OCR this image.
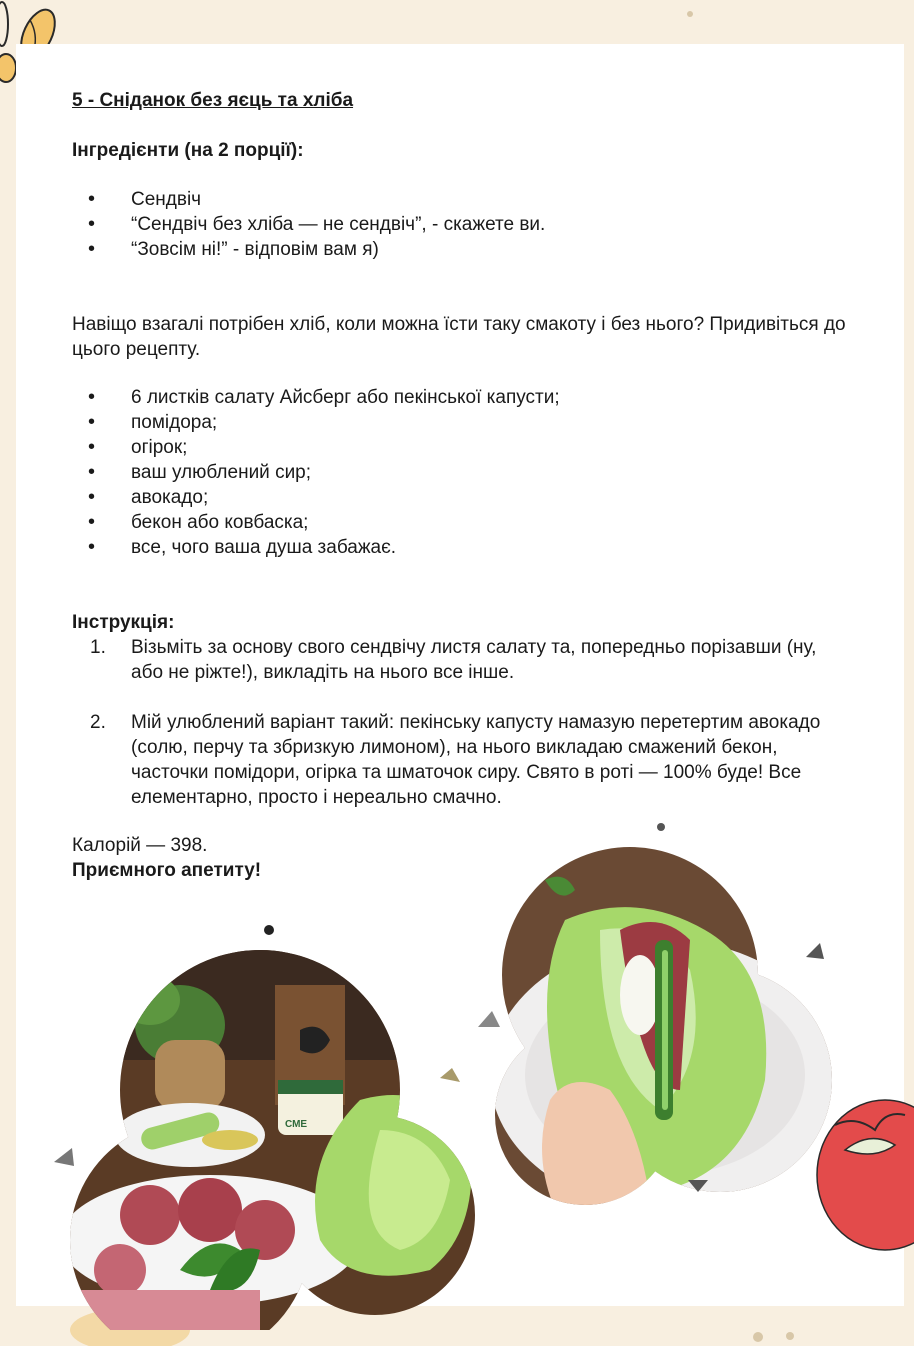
5 - Сніданок без яєць та хліба

Інгредієнти (на 2 порції):

• Сендвіч
• “Сендвіч без хліба — не сендвіч”, - скажете ви.
• “Зовсім ні!” - відповім вам я)

Навіщо взагалі потрібен хліб, коли можна їсти таку смакоту і без нього? Придивіться до цього рецепту.

• 6 листків салату Айсберг або пекінської капусти;
• помідора;
• огірок;
• ваш улюблений сир;
• авокадо;
• бекон або ковбаска;
• все, чого ваша душа забажає.

Інструкція:

1. Візьміть за основу свого сендвічу листя салату та, попередньо порізавши (ну, або не ріжте!), викладіть на нього все інше.
2. Мій улюблений варіант такий: пекінську капусту намазую перетертим авокадо (солю, перчу та збризкую лимоном), на нього викладаю смажений бекон, часточки помідори, огірка та шматочок сиру. Свято в роті — 100% буде! Все елементарно, просто і нереально смачно.

Калорій — 398.

Приємного апетиту!

СМЕ
